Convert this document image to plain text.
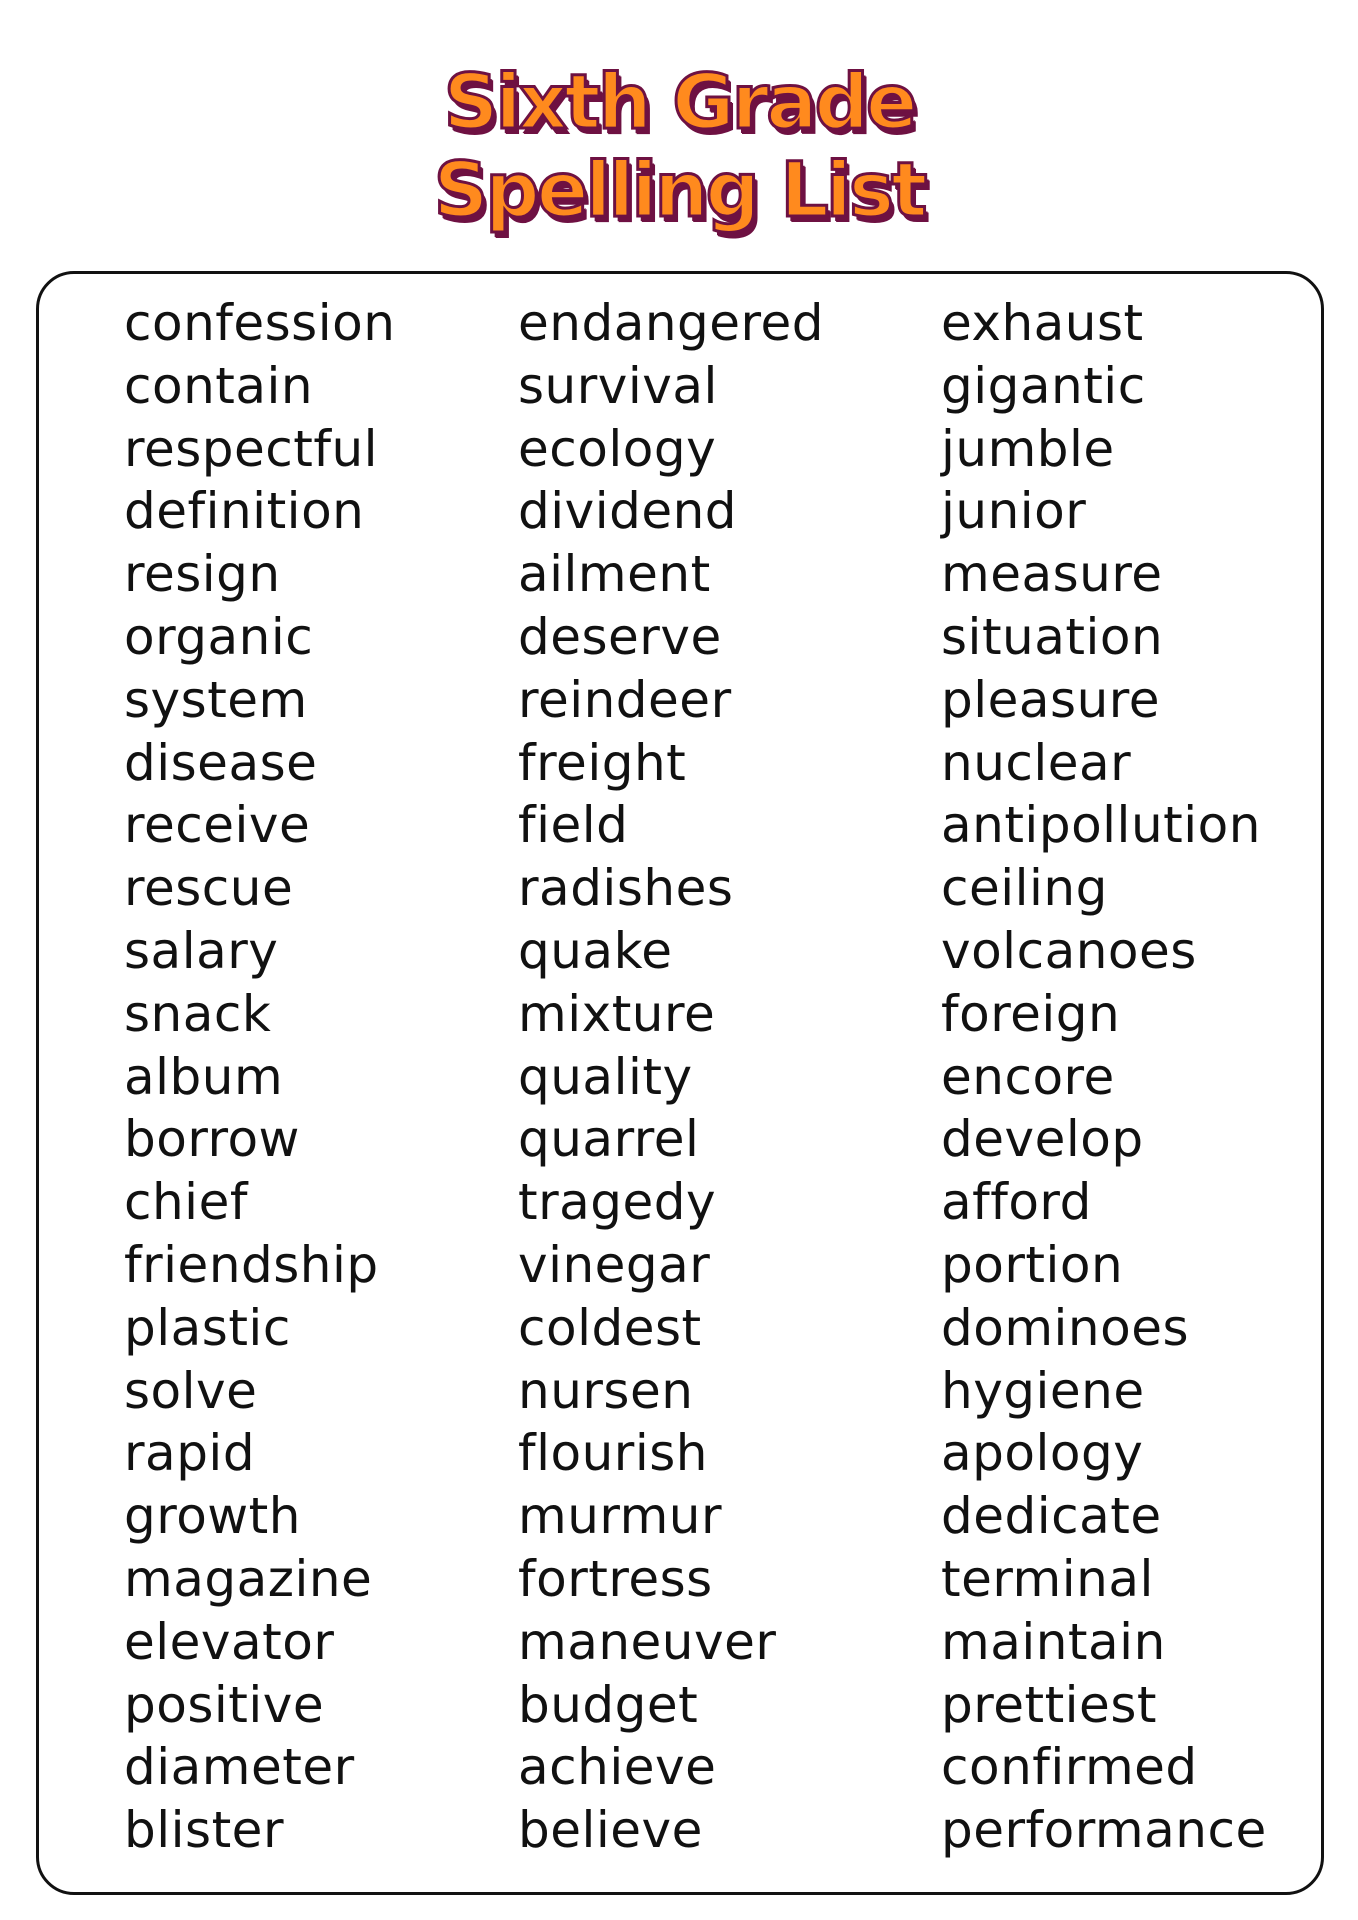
Sixth Grade
Spelling List
confession
contain
respectful
definition
resign
organic
system
disease
receive
rescue
salary
snack
album
borrow
chief
friendship
plastic
solve
rapid
growth
magazine
elevator
positive
diameter
blister
endangered
survival
ecology
dividend
ailment
deserve
reindeer
freight
field
radishes
quake
mixture
quality
quarrel
tragedy
vinegar
coldest
nursen
flourish
murmur
fortress
maneuver
budget
achieve
believe
exhaust
gigantic
jumble
junior
measure
situation
pleasure
nuclear
antipollution
ceiling
volcanoes
foreign
encore
develop
afford
portion
dominoes
hygiene
apology
dedicate
terminal
maintain
prettiest
confirmed
performance
